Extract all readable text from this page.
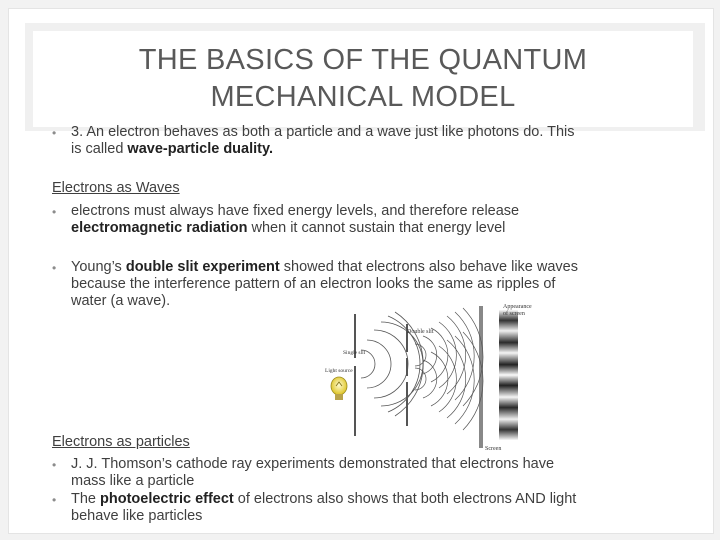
THE BASICS OF THE QUANTUM
MECHANICAL MODEL
• 3. An electron behaves as both a particle and a wave just like photons do. This
is called wave-particle duality.
Electrons as Waves
• electrons must always have fixed energy levels, and therefore release
electromagnetic radiation when it cannot sustain that energy level
• Young’s double slit experiment showed that electrons also behave like waves
because the interference pattern of an electron looks the same as ripples of
water (a wave).	Appearance
of screen
Double slit
Single slit
Light source
Screen
Electrons as particles
• J. J. Thomson’s cathode ray experiments demonstrated that electrons have
mass like a particle
• The photoelectric effect of electrons also shows that both electrons AND light
behave like particles
